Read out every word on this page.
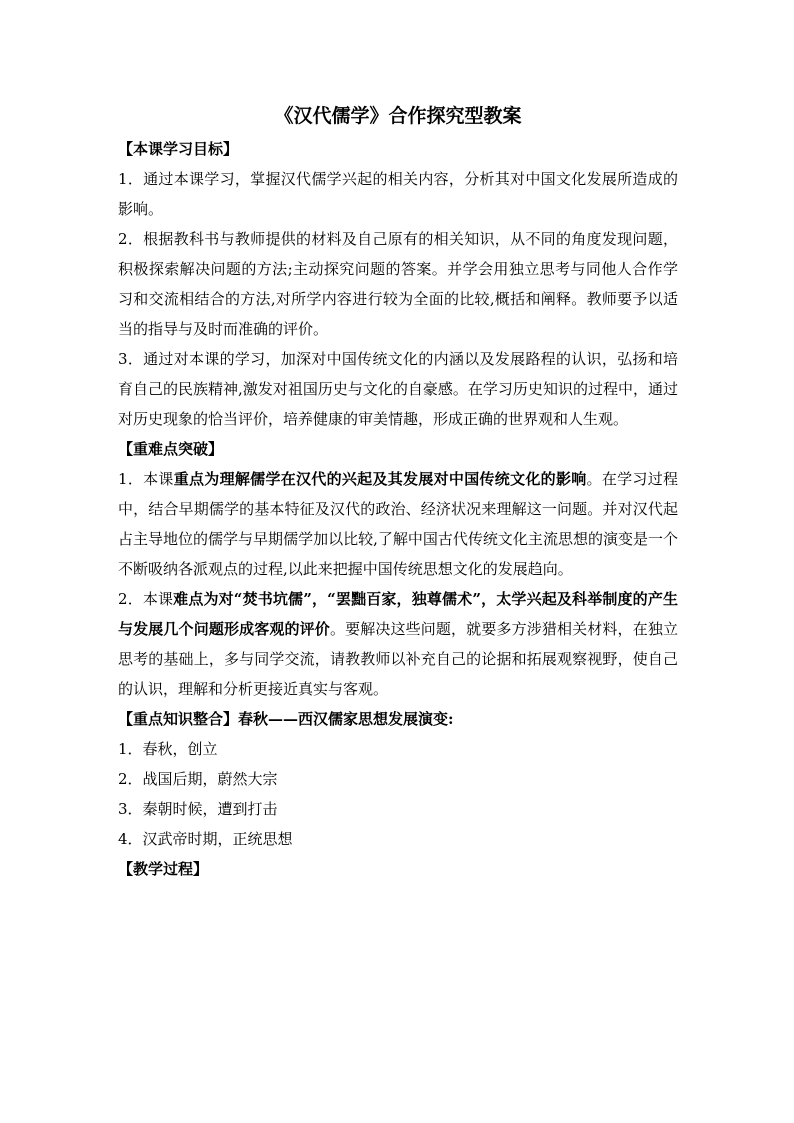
《汉代儒学》合作探究型教案

【本课学习目标】

1．通过本课学习，掌握汉代儒学兴起的相关内容，分析其对中国文化发展所造成的影响。

2．根据教科书与教师提供的材料及自己原有的相关知识，从不同的角度发现问题，积极探索解决问题的方法;主动探究问题的答案。并学会用独立思考与同他人合作学习和交流相结合的方法,对所学内容进行较为全面的比较,概括和阐释。教师要予以适当的指导与及时而准确的评价。

3．通过对本课的学习，加深对中国传统文化的内涵以及发展路程的认识，弘扬和培育自己的民族精神,激发对祖国历史与文化的自豪感。在学习历史知识的过程中，通过对历史现象的恰当评价，培养健康的审美情趣，形成正确的世界观和人生观。

【重难点突破】

1．本课重点为理解儒学在汉代的兴起及其发展对中国传统文化的影响。在学习过程中，结合早期儒学的基本特征及汉代的政治、经济状况来理解这一问题。并对汉代起占主导地位的儒学与早期儒学加以比较,了解中国古代传统文化主流思想的演变是一个不断吸纳各派观点的过程,以此来把握中国传统思想文化的发展趋向。

2．本课难点为对“焚书坑儒”，“罢黜百家，独尊儒术”，太学兴起及科举制度的产生与发展几个问题形成客观的评价。要解决这些问题，就要多方涉猎相关材料，在独立思考的基础上，多与同学交流，请教教师以补充自己的论据和拓展观察视野，使自己的认识，理解和分析更接近真实与客观。

【重点知识整合】春秋——西汉儒家思想发展演变:

1．春秋，创立

2．战国后期，蔚然大宗

3．秦朝时候，遭到打击

4．汉武帝时期，正统思想

【教学过程】
